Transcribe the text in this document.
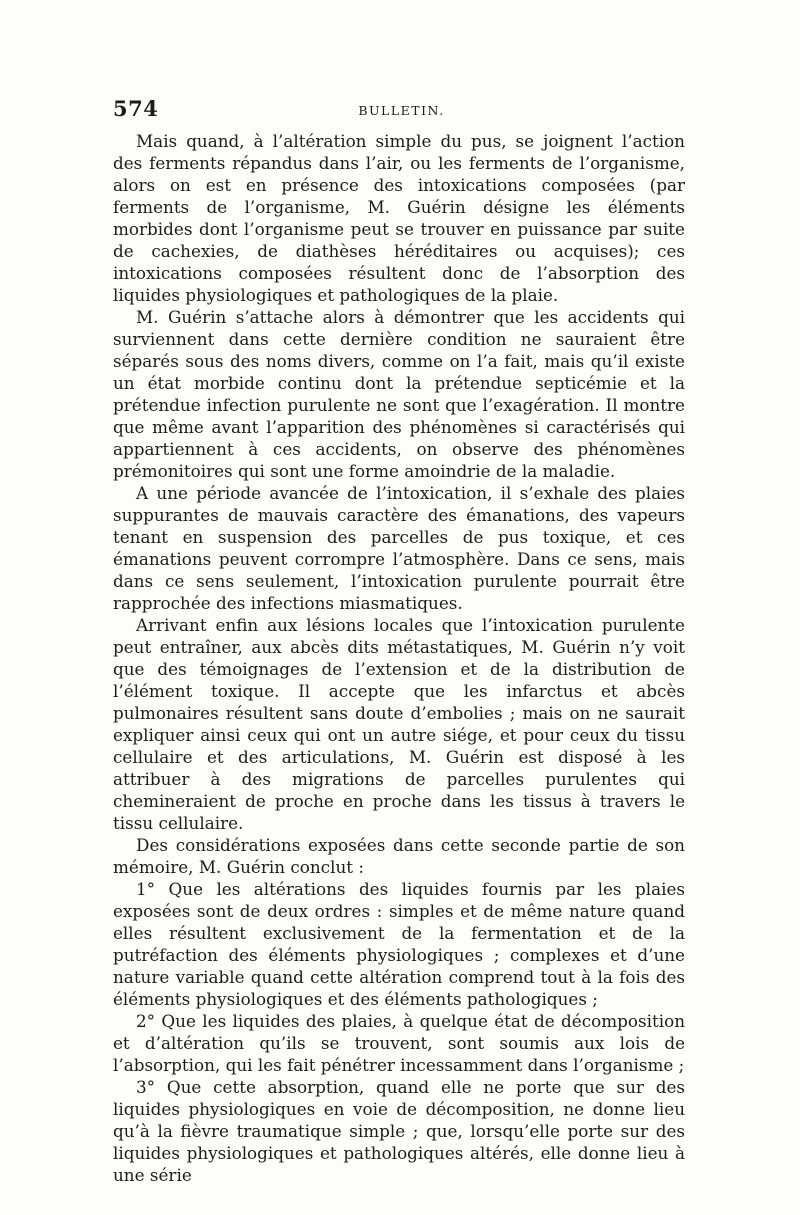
574	BULLETIN.

Mais quand, à l’altération simple du pus, se joignent l’action des ferments répandus dans l’air, ou les ferments de l’organisme, alors on est en présence des intoxications composées (par ferments de l’organisme, M. Guérin désigne les éléments morbides dont l’organisme peut se trouver en puissance par suite de cachexies, de diathèses héréditaires ou acquises); ces intoxications composées résultent donc de l’absorption des liquides physiologiques et pathologiques de la plaie.

M. Guérin s’attache alors à démontrer que les accidents qui surviennent dans cette dernière condition ne sauraient être séparés sous des noms divers, comme on l’a fait, mais qu’il existe un état morbide continu dont la prétendue septicémie et la prétendue infection purulente ne sont que l’exagération. Il montre que même avant l’apparition des phénomènes si caractérisés qui appartiennent à ces accidents, on observe des phénomènes prémonitoires qui sont une forme amoindrie de la maladie.

A une période avancée de l’intoxication, il s’exhale des plaies suppurantes de mauvais caractère des émanations, des vapeurs tenant en suspension des parcelles de pus toxique, et ces émanations peuvent corrompre l’atmosphère. Dans ce sens, mais dans ce sens seulement, l’intoxication purulente pourrait être rapprochée des infections miasmatiques.

Arrivant enfin aux lésions locales que l’intoxication purulente peut entraîner, aux abcès dits métastatiques, M. Guérin n’y voit que des témoignages de l’extension et de la distribution de l’élément toxique. Il accepte que les infarctus et abcès pulmonaires résultent sans doute d’embolies ; mais on ne saurait expliquer ainsi ceux qui ont un autre siége, et pour ceux du tissu cellulaire et des articulations, M. Guérin est disposé à les attribuer à des migrations de parcelles purulentes qui chemineraient de proche en proche dans les tissus à travers le tissu cellulaire.

Des considérations exposées dans cette seconde partie de son mémoire, M. Guérin conclut :

1° Que les altérations des liquides fournis par les plaies exposées sont de deux ordres : simples et de même nature quand elles résultent exclusivement de la fermentation et de la putréfaction des éléments physiologiques ; complexes et d’une nature variable quand cette altération comprend tout à la fois des éléments physiologiques et des éléments pathologiques ;

2° Que les liquides des plaies, à quelque état de décomposition et d’altération qu’ils se trouvent, sont soumis aux lois de l’absorption, qui les fait pénétrer incessamment dans l’organisme ;

3° Que cette absorption, quand elle ne porte que sur des liquides physiologiques en voie de décomposition, ne donne lieu qu’à la fièvre traumatique simple ; que, lorsqu’elle porte sur des liquides physiologiques et pathologiques altérés, elle donne lieu à une série
